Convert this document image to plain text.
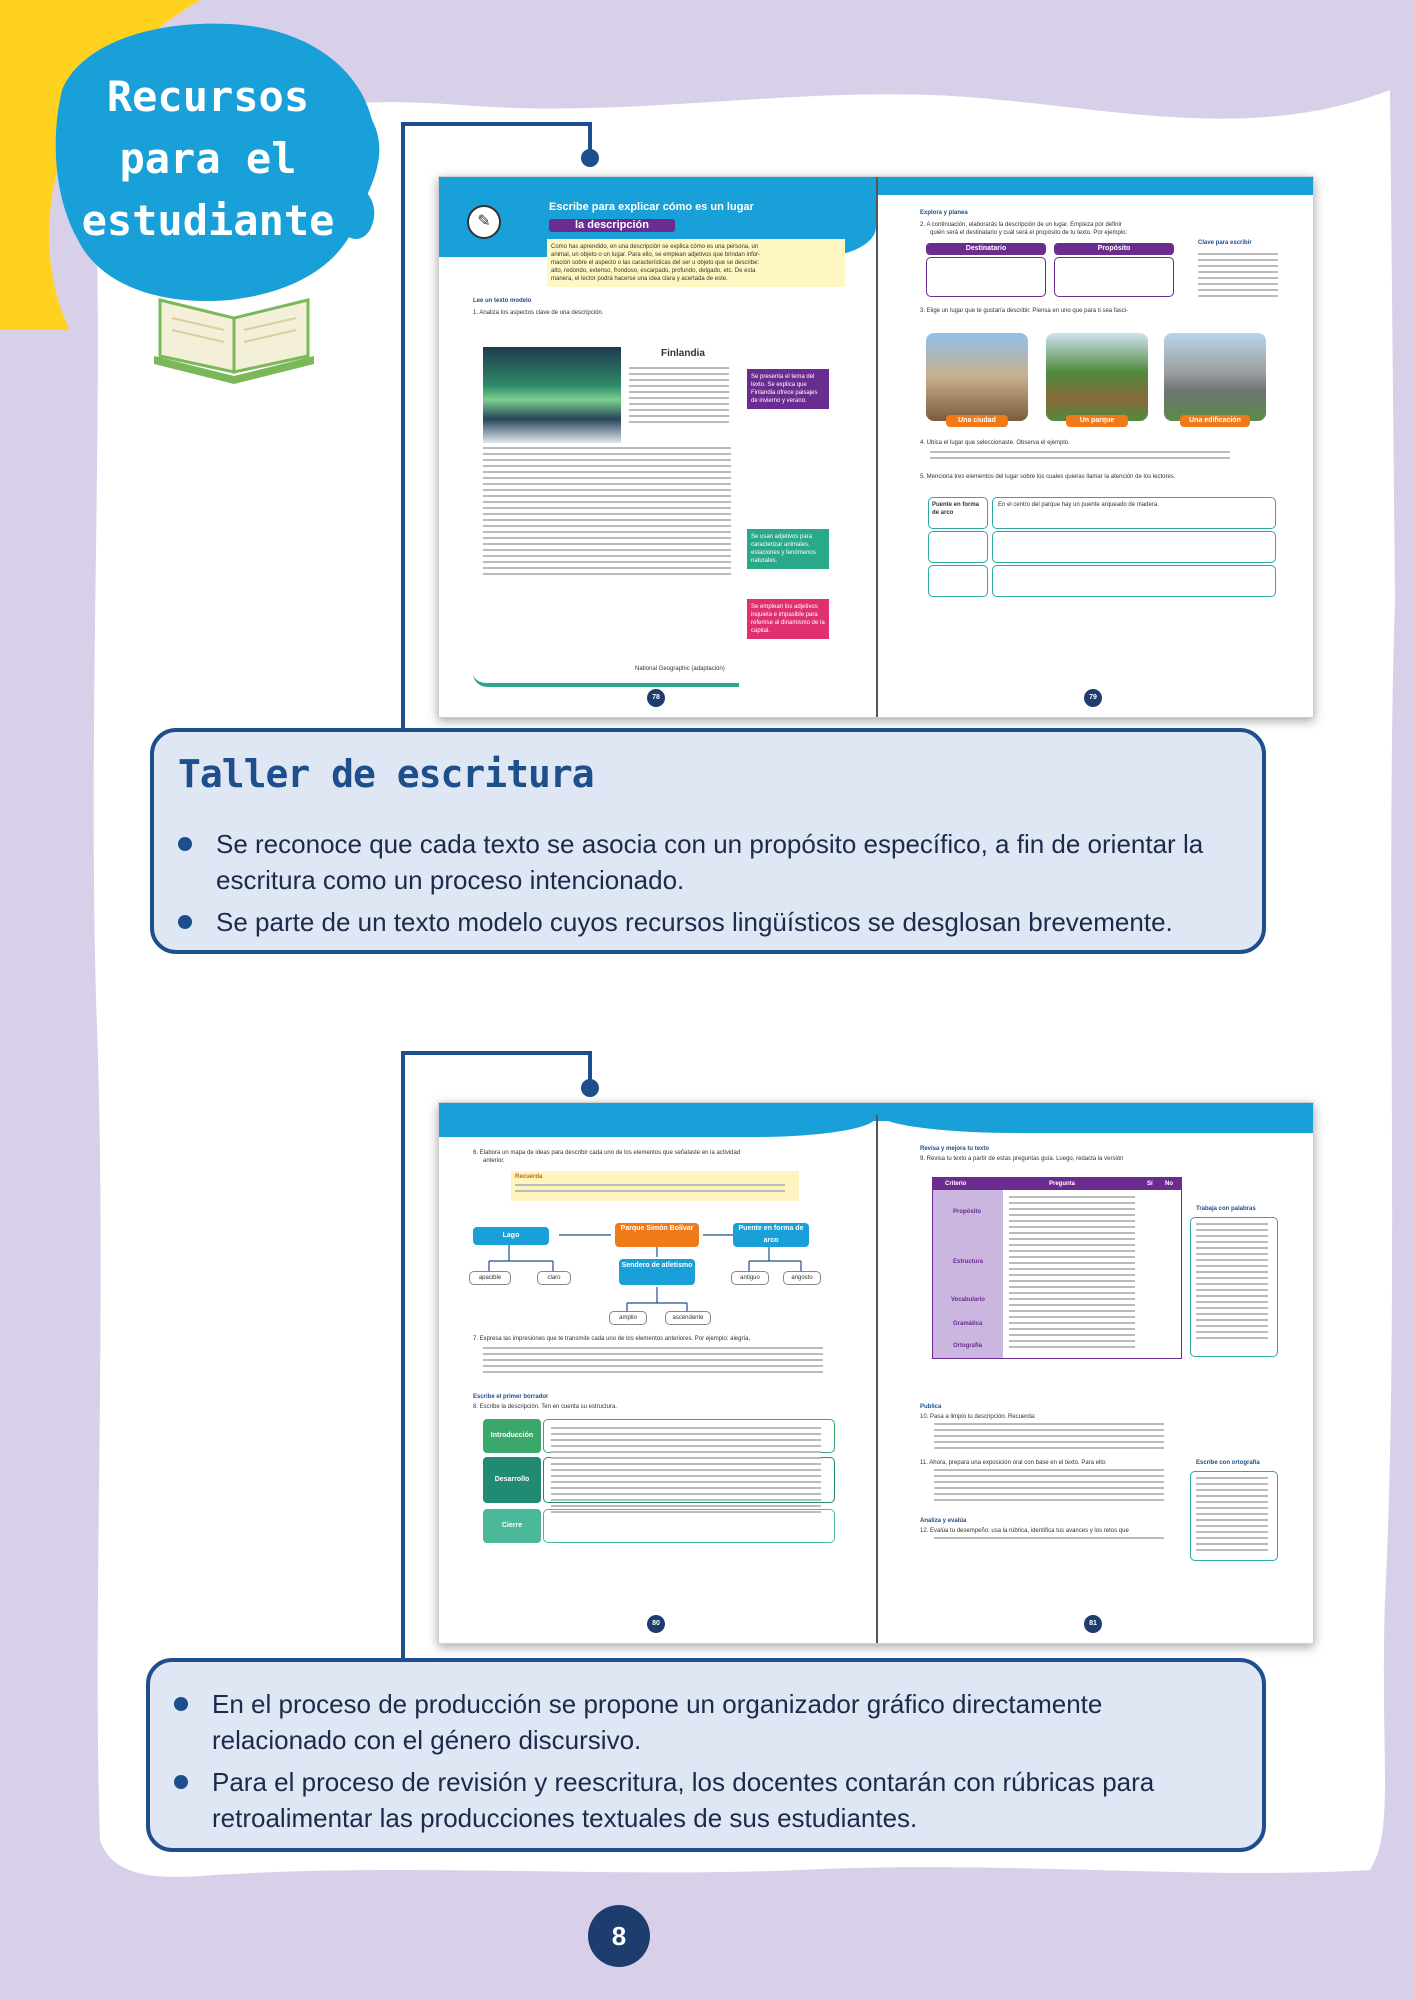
Recursos
para el
estudiante	✎
Escribe para explicar cómo es un lugar
la descripción
Como has aprendido, en una descripción se explica cómo es una persona, un
animal, un objeto o un lugar. Para ello, se emplean adjetivos que brindan infor-
mación sobre el aspecto o las características del ser u objeto que se describe:
alto, redondo, extenso, frondoso, escarpado, profundo, delgado, etc. De esta
manera, el lector podrá hacerse una idea clara y acertada de este.
Lee un texto modelo
1. Analiza los aspectos clave de una descripción.
Finlandia
Se presenta el tema del texto. Se explica que Finlandia ofrece paisajes de invierno y verano.
Se usan adjetivos para caracterizar animales, estaciones y fenómenos naturales.
Se emplean los adjetivos inquieta e impasible para referirse al dinamismo de la capital.
National Geographic (adaptación)
78
Explora y planea
2. A continuación, elaborarás la descripción de un lugar. Empieza por definir
quién será el destinatario y cuál será el propósito de tu texto. Por ejemplo:
Destinatario	Propósito
Clave para escribir
3. Elige un lugar que te gustaría describir. Piensa en uno que para ti sea fasci-
Una ciudad	Un parque	Una edificación
4. Ubica el lugar que seleccionaste. Observa el ejemplo.
5. Menciona tres elementos del lugar sobre los cuales quieras llamar la atención de los lectores.
Puente en forma de arco
En el centro del parque hay un puente arqueado de madera.
79
Taller de escritura
Se reconoce que cada texto se asocia con un propósito específico, a fin de orientar la escritura como un proceso intencionado.
Se parte de un texto modelo cuyos recursos lingüísticos se desglosan brevemente.
6. Elabora un mapa de ideas para describir cada uno de los elementos que señalaste en la actividad
anterior.
Recuerda
Lago
Parque Simón Bolívar	Puente en forma de arco
Sendero de atletismo
apacible	claro	antiguo	angosto
amplio	ascendente
7. Expresa las impresiones que te transmite cada uno de los elementos anteriores. Por ejemplo: alegría,
Escribe el primer borrador
8. Escribe la descripción. Ten en cuenta su estructura.
Introducción
Desarrollo
Cierre
80
Revisa y mejora tu texto
9. Revisa tu texto a partir de estas preguntas guía. Luego, redacta la versión
Criterio	Pregunta	Sí No
Propósito
Estructura
Vocabulario
Gramática
Ortografía
Trabaja con palabras
Publica
10. Pasa a limpio tu descripción. Recuerda:
11. Ahora, prepara una exposición oral con base en el texto. Para ello:	Escribe con ortografía
Analiza y evalúa
12. Evalúa tu desempeño: usa la rúbrica, identifica tus avances y los retos que
81
En el proceso de producción se propone un organizador gráfico directamente relacionado con el género discursivo.
Para el proceso de revisión y reescritura, los docentes contarán con rúbricas para retroalimentar las producciones textuales de sus estudiantes.
8
